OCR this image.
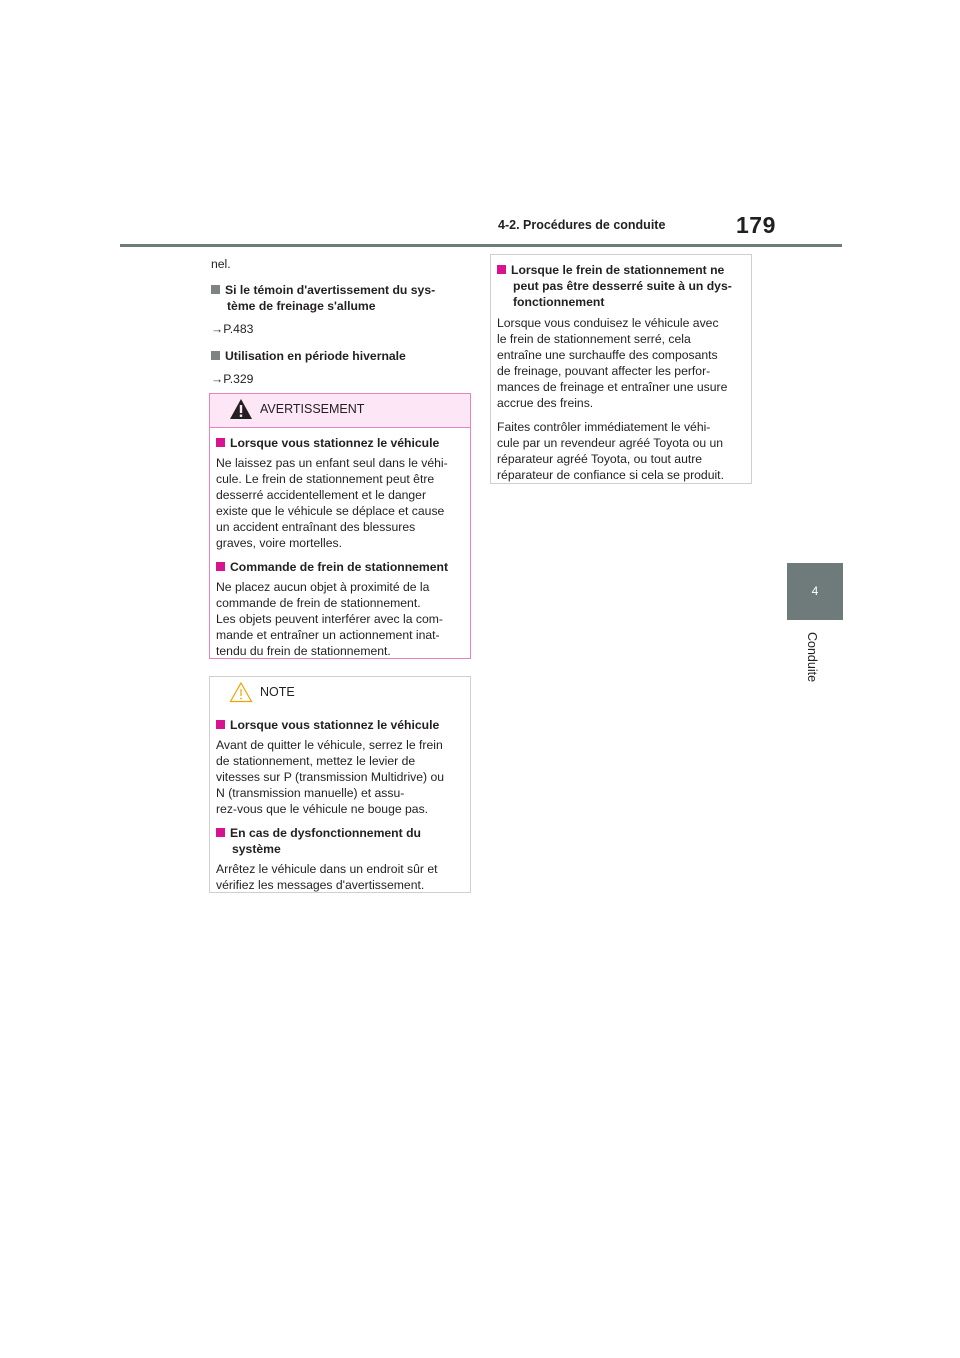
4-2. Procédures de conduite	179
4
Conduite
nel.
Si le témoin d'avertissement du sys-
tème de freinage s'allume
→P.483
Utilisation en période hivernale
→P.329
AVERTISSEMENT
Lorsque vous stationnez le véhicule

Ne laissez pas un enfant seul dans le véhi-
cule. Le frein de stationnement peut être
desserré accidentellement et le danger
existe que le véhicule se déplace et cause
un accident entraînant des blessures
graves, voire mortelles.

Commande de frein de stationnement

Ne placez aucun objet à proximité de la
commande de frein de stationnement.
Les objets peuvent interférer avec la com-
mande et entraîner un actionnement inat-
tendu du frein de stationnement.

NOTE
Lorsque vous stationnez le véhicule

Avant de quitter le véhicule, serrez le frein
de stationnement, mettez le levier de
vitesses sur P (transmission Multidrive) ou
N (transmission manuelle) et assu-
rez-vous que le véhicule ne bouge pas.

En cas de dysfonctionnement du
système

Arrêtez le véhicule dans un endroit sûr et
vérifiez les messages d'avertissement.

Lorsque le frein de stationnement ne
peut pas être desserré suite à un dys-
fonctionnement

Lorsque vous conduisez le véhicule avec
le frein de stationnement serré, cela
entraîne une surchauffe des composants
de freinage, pouvant affecter les perfor-
mances de freinage et entraîner une usure
accrue des freins.

Faites contrôler immédiatement le véhi-
cule par un revendeur agréé Toyota ou un
réparateur agréé Toyota, ou tout autre
réparateur de confiance si cela se produit.
